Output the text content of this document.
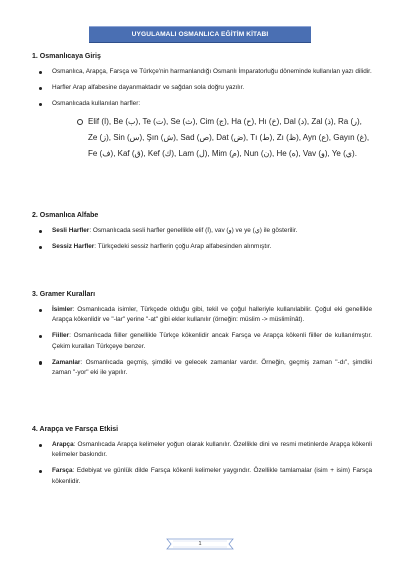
UYGULAMALI OSMANLICA EĞİTİM KİTABI
1. Osmanlıcaya Giriş
Osmanlıca, Arapça, Farsça ve Türkçe'nin harmanlandığı Osmanlı İmparatorluğu döneminde kullanılan yazı dilidir.
Harfler Arap alfabesine dayanmaktadır ve sağdan sola doğru yazılır.
Osmanlıcada kullanılan harfler:
Elif (ا), Be (ب), Te (ت), Se (ث), Cim (ج), Ha (ح), Hı (خ), Dal (د), Zal (ذ), Ra (ر), Ze (ز), Sin (س), Şın (ش), Sad (ص), Dat (ض), Tı (ط), Zı (ظ), Ayn (ع), Gayın (غ), Fe (ف), Kaf (ق), Kef (ك), Lam (ل), Mim (م), Nun (ن), He (ه), Vav (و), Ye (ي).
2. Osmanlıca Alfabe
Sesli Harfler: Osmanlıcada sesli harfler genellikle elif (ا), vav (و) ve ye (ي) ile gösterilir.
Sessiz Harfler: Türkçedeki sessiz harflerin çoğu Arap alfabesinden alınmıştır.
3. Gramer Kuralları
İsimler: Osmanlıcada isimler, Türkçede olduğu gibi, tekil ve çoğul halleriyle kullanılabilir. Çoğul eki genellikle Arapça kökenlidir ve "-lar" yerine "-at" gibi ekler kullanılır (örneğin: müslim -> müslimînât).
Fiiller: Osmanlıcada fiiller genellikle Türkçe kökenlidir ancak Farsça ve Arapça kökenli fiiller de kullanılmıştır. Çekim kuralları Türkçeye benzer.
Zamanlar: Osmanlıcada geçmiş, şimdiki ve gelecek zamanlar vardır. Örneğin, geçmiş zaman "-dı", şimdiki zaman "-yor" eki ile yapılır.
4. Arapça ve Farsça Etkisi
Arapça: Osmanlıcada Arapça kelimeler yoğun olarak kullanılır. Özellikle dini ve resmi metinlerde Arapça kökenli kelimeler baskındır.
Farsça: Edebiyat ve günlük dilde Farsça kökenli kelimeler yaygındır. Özellikle tamlamalar (isim + isim) Farsça kökenlidir.
1
